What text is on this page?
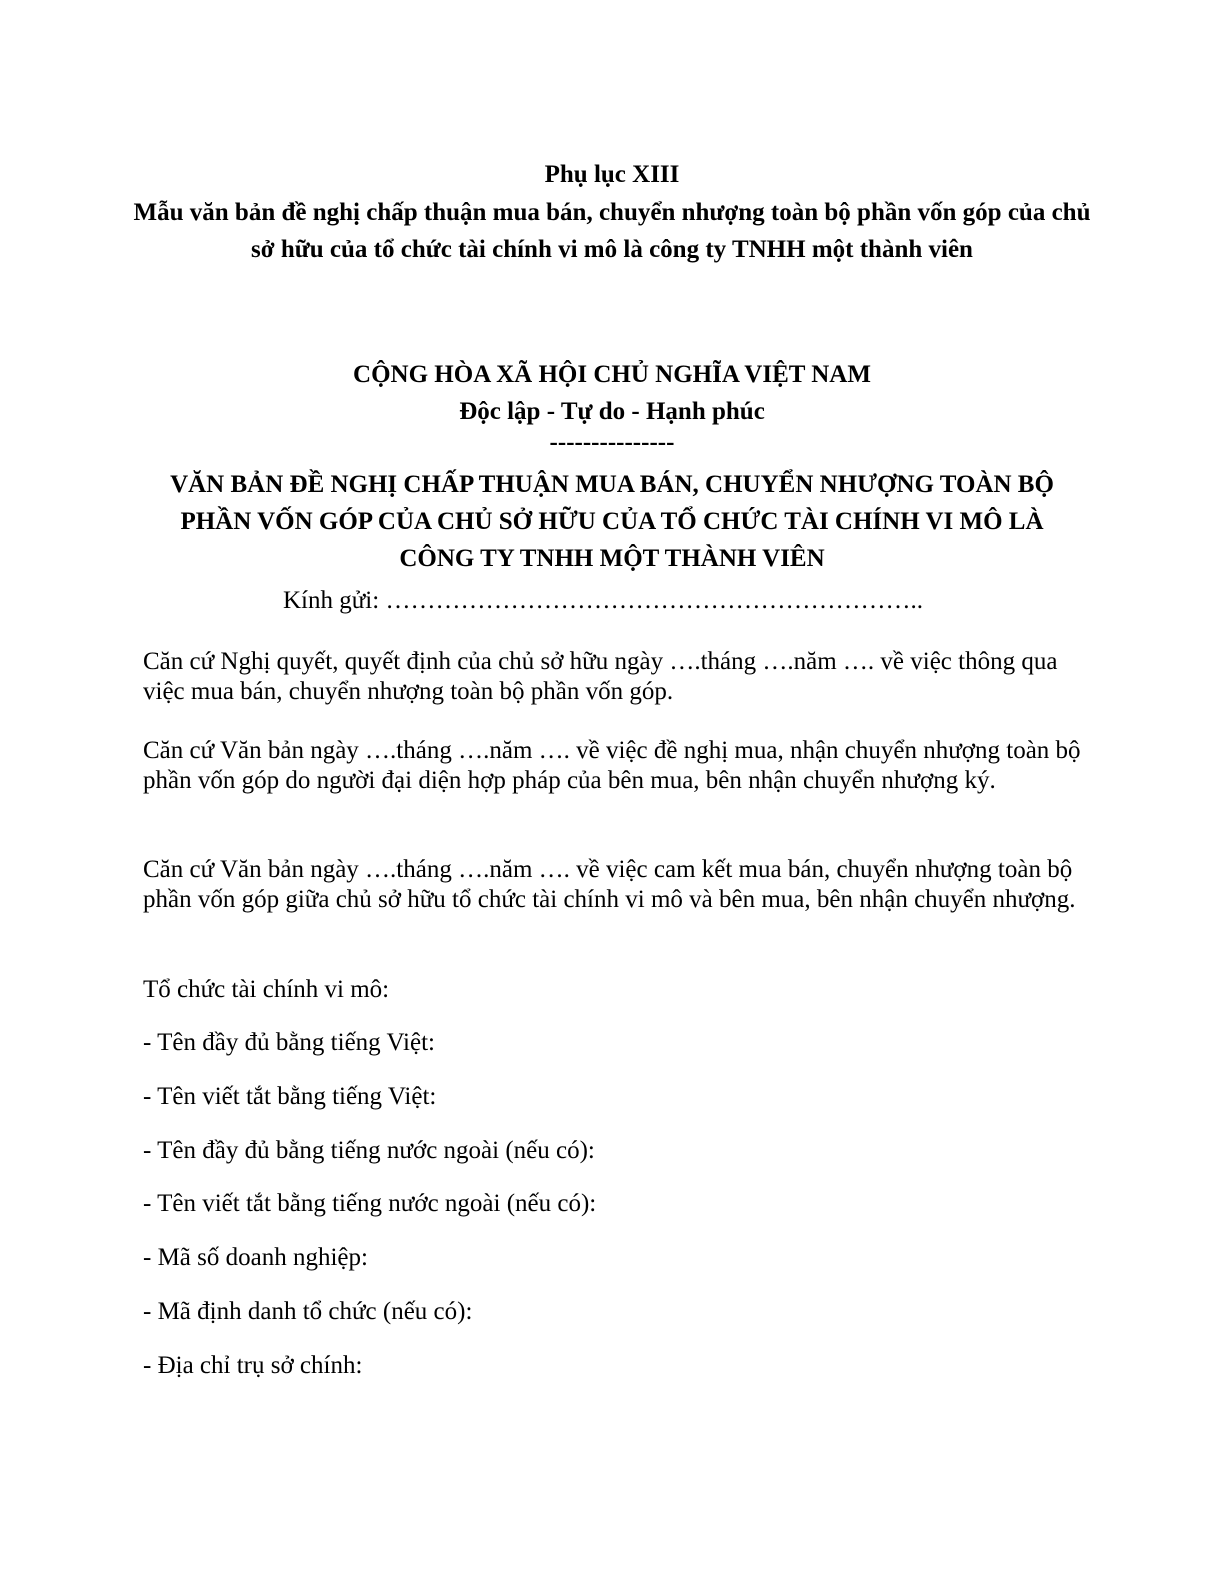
Phụ lục XIII
Mẫu văn bản đề nghị chấp thuận mua bán, chuyển nhượng toàn bộ phần vốn góp của chủ sở hữu của tổ chức tài chính vi mô là công ty TNHH một thành viên
CỘNG HÒA XÃ HỘI CHỦ NGHĨA VIỆT NAM
Độc lập - Tự do - Hạnh phúc
---------------
VĂN BẢN ĐỀ NGHỊ CHẤP THUẬN MUA BÁN, CHUYỂN NHƯỢNG TOÀN BỘ PHẦN VỐN GÓP CỦA CHỦ SỞ HỮU CỦA TỔ CHỨC TÀI CHÍNH VI MÔ LÀ CÔNG TY TNHH MỘT THÀNH VIÊN
Kính gửi: ………………………………………………………..
Căn cứ Nghị quyết, quyết định của chủ sở hữu ngày ….tháng ….năm …. về việc thông qua việc mua bán, chuyển nhượng toàn bộ phần vốn góp.
Căn cứ Văn bản ngày ….tháng ….năm …. về việc đề nghị mua, nhận chuyển nhượng toàn bộ phần vốn góp do người đại diện hợp pháp của bên mua, bên nhận chuyển nhượng ký.
Căn cứ Văn bản ngày ….tháng ….năm …. về việc cam kết mua bán, chuyển nhượng toàn bộ phần vốn góp giữa chủ sở hữu tổ chức tài chính vi mô và bên mua, bên nhận chuyển nhượng.
Tổ chức tài chính vi mô:
- Tên đầy đủ bằng tiếng Việt:
- Tên viết tắt bằng tiếng Việt:
- Tên đầy đủ bằng tiếng nước ngoài (nếu có):
- Tên viết tắt bằng tiếng nước ngoài (nếu có):
- Mã số doanh nghiệp:
- Mã định danh tổ chức (nếu có):
- Địa chỉ trụ sở chính:
